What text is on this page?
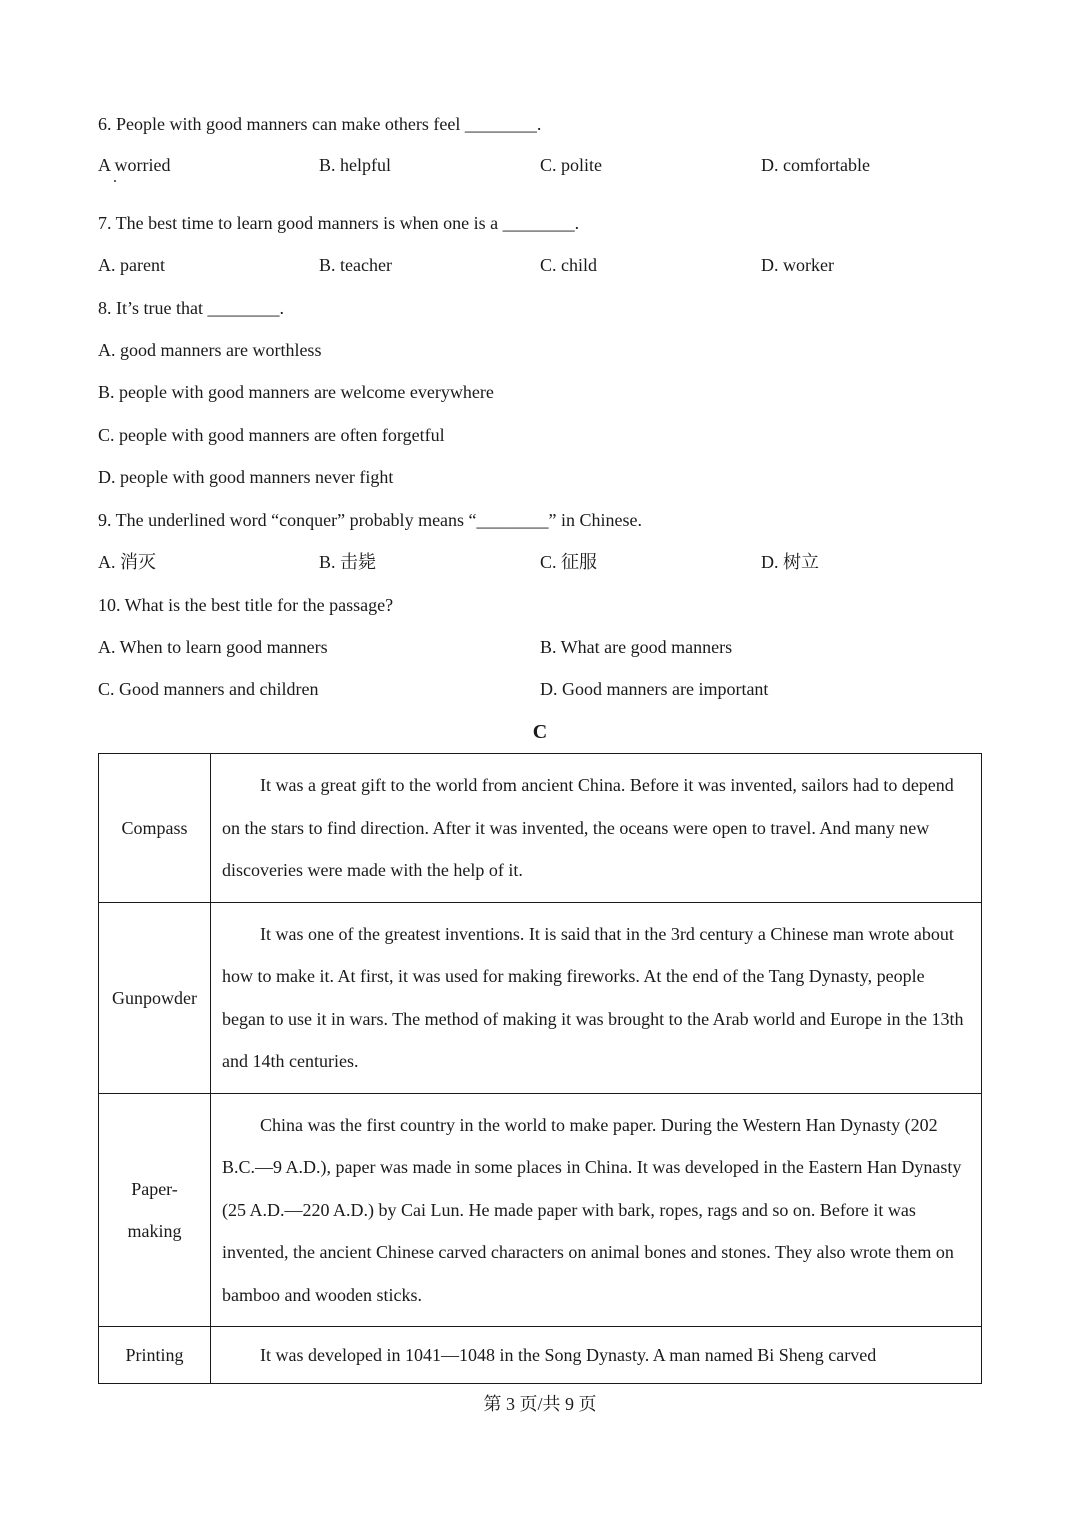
6. People with good manners can make others feel ________.
A worried	B. helpful	C. polite	D. comfortable
7. The best time to learn good manners is when one is a ________.
A. parent	B. teacher	C. child	D. worker
8. It’s true that ________.
A. good manners are worthless
B. people with good manners are welcome everywhere
C. people with good manners are often forgetful
D. people with good manners never fight
9. The underlined word “conquer” probably means “________” in Chinese.
A. 消灭	B. 击毙	C. 征服	D. 树立
10. What is the best title for the passage?
A. When to learn good manners	B. What are good manners
C. Good manners and children	D. Good manners are important
C
Compass	It was a great gift to the world from ancient China. Before it was invented, sailors had to depend on the stars to find direction. After it was invented, the oceans were open to travel. And many new discoveries were made with the help of it.
Gunpowder	It was one of the greatest inventions. It is said that in the 3rd century a Chinese man wrote about how to make it. At first, it was used for making fireworks. At the end of the Tang Dynasty, people began to use it in wars. The method of making it was brought to the Arab world and Europe in the 13th and 14th centuries.
Paper-making	China was the first country in the world to make paper. During the Western Han Dynasty (202 B.C.—9 A.D.), paper was made in some places in China. It was developed in the Eastern Han Dynasty (25 A.D.—220 A.D.) by Cai Lun. He made paper with bark, ropes, rags and so on. Before it was invented, the ancient Chinese carved characters on animal bones and stones. They also wrote them on bamboo and wooden sticks.
Printing	It was developed in 1041—1048 in the Song Dynasty. A man named Bi Sheng carved
第 3 页/共 9 页
